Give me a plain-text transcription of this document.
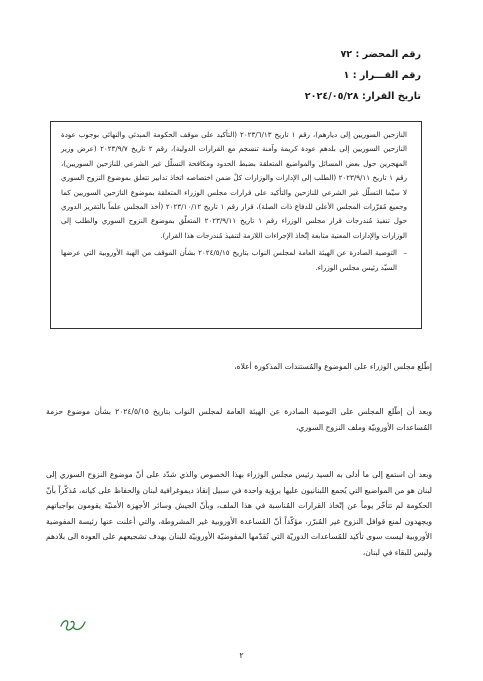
رقم المحضر : ٧٢
رقم القـــرار : ١
تاريخ القرار: ٢٠٢٤/٠٥/٢٨

النازحين السوريين إلى ديارهم)، رقم ١ تاريخ ٢٠٢٣/٦/١٣ (التأكيد على موقف الحكومة المبدئي والنهائي بوجوب عودة النازحين السوريين إلى بلدهم عودة كريمة وآمنة تنسجم مع القرارات الدولية)، رقم ٢ تاريخ ٢٠٢٣/٩/٧ (عرض وزير المهجرين حول بعض المسائل والمواضيع المتعلقة بضبط الحدود ومكافحة التسلّل غير الشرعي للنازحين السوريين)، رقم ١ تاريخ ٢٠٢٣/٩/١١ (الطلب إلى الإدارات والوزارات كلٌ ضمن اختصاصه اتخاذ تدابير تتعلق بموضوع النزوح السوري لا سيّما التسلّل غير الشرعي للنازحين والتأكيد على قرارات مجلس الوزراء المتعلقة بموضوع النازحين السوريين كما وجميع مُقرّرات المجلس الأعلى للدفاع ذات الصلة)، قرار رقم ١ تاريخ ٢٠٢٣/١٠/١٢ (أخذ المجلس علماً بالتقرير الدوري حول تنفيذ مُندرجات قرار مجلس الوزراء رقم ١ تاريخ ٢٠٢٣/٩/١١ المتعلّق بموضوع النزوح السوري والطلب إلى الوزارات والإدارات المعنية متابعة إتّخاذ الإجراءات اللازمة لتنفيذ مُندرجات هذا القرار).

– التوصية الصادرة عن الهيئة العامة لمجلس النواب بتاريخ ٢٠٢٤/٥/١٥ بشأن الموقف من الهبة الأوروبية التي عرضها السيّد رئيس مجلس الوزراء.

إطّلع مجلس الوزراء على الموضوع والمُستندات المذكورة أعلاه،

وبعد أن إطّلع المجلس على التوصية الصادرة عن الهيئة العامة لمجلس النواب بتاريخ ٢٠٢٤/٥/١٥ بشأن موضوع حزمة المُساعدات الأوروبيّة وملف النزوح السوري،

وبعد أن استمع إلى ما أدلى به السيد رئيس مجلس الوزراء بهذا الخصوص والذي شدّد على أنّ موضوع النزوح السوري إلى لبنان هو من المواضيع التي يُجمع اللبنانيون عليها برؤية واحدة في سبيل إنقاذ ديموغرافية لبنان والحفاظ على كيانه، مُذكّراً بأنّ الحكومة لم تتأخّر يوماً عن إتّخاذ القرارات المُناسبة في هذا الملف، وبأنّ الجيش وسائر الأجهزة الأمنيّة يقومون بواجباتهم ويجهدون لمنع قوافل النزوح غير المُبرّر، مؤكّداً أنّ المُساعدة الأوروبية غير المشروطة، والتي أعلنت عنها رئيسة المفوضية الأوروبية ليست سوى تأكيد للمُساعدات الدوريّة التي تُقدّمها المفوضيّة الأوروبيّة للبنان بهدف تشجيعهم على العودة الى بلادهم وليس للبقاء في لبنان،

٢
